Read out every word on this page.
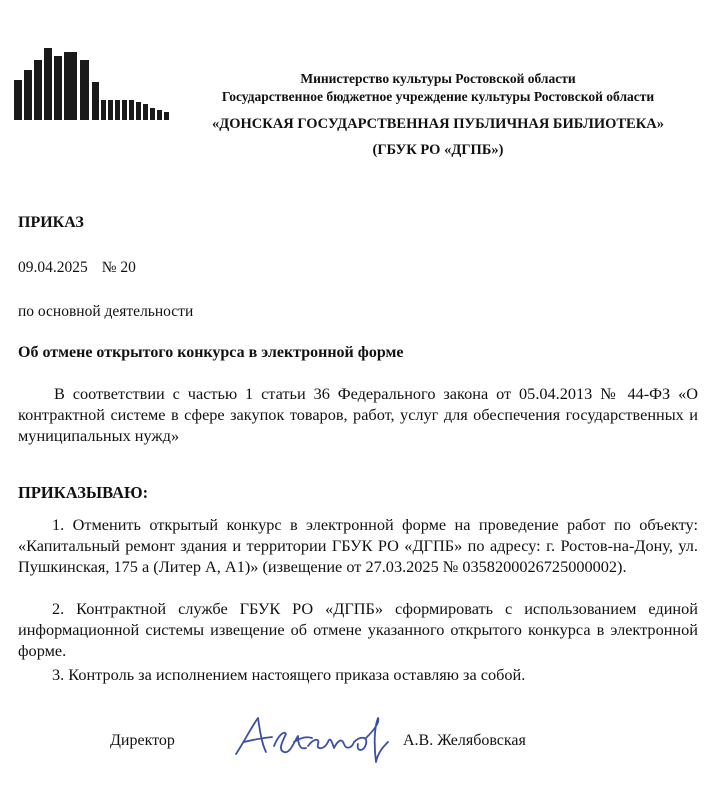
Министерство культуры Ростовской области
Государственное бюджетное учреждение культуры Ростовской области
«ДОНСКАЯ ГОСУДАРСТВЕННАЯ ПУБЛИЧНАЯ БИБЛИОТЕКА»
(ГБУК РО «ДГПБ»)
ПРИКАЗ
09.04.2025 № 20
по основной деятельности
Об отмене открытого конкурса в электронной форме
В соответствии с частью 1 статьи 36 Федерального закона от 05.04.2013 № 44-ФЗ «О контрактной системе в сфере закупок товаров, работ, услуг для обеспечения государственных и муниципальных нужд»
ПРИКАЗЫВАЮ:
1. Отменить открытый конкурс в электронной форме на проведение работ по объекту: «Капитальный ремонт здания и территории ГБУК РО «ДГПБ» по адресу: г. Ростов-на-Дону, ул. Пушкинская, 175 а (Литер А, А1)» (извещение от 27.03.2025 № 0358200026725000002).
2. Контрактной службе ГБУК РО «ДГПБ» сформировать с использованием единой информационной системы извещение об отмене указанного открытого конкурса в электронной форме.
3. Контроль за исполнением настоящего приказа оставляю за собой.
Директор	А.В. Желябовская
